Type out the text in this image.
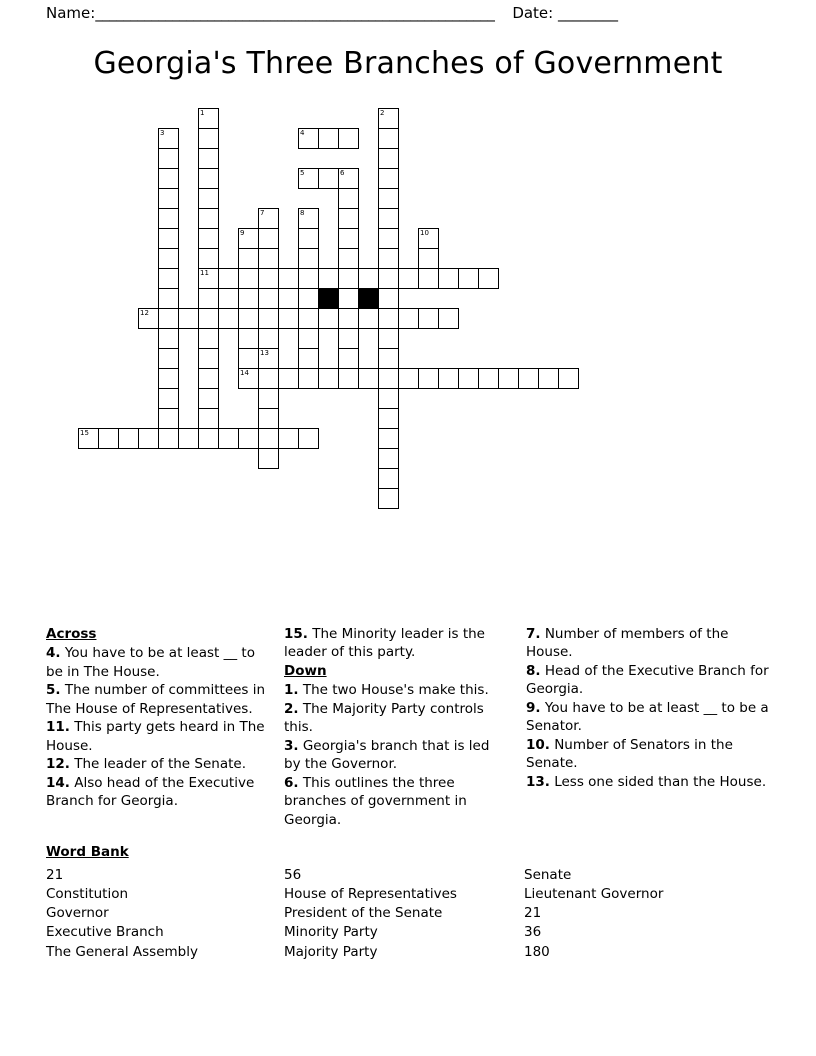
Name: _________________________________________________________ Date: ________
Georgia's Three Branches of Government
1	2
3	4
5	6
7	8
9	10
11
12
13
14
15
Across
4. You have to be at least __ to be in The House.
5. The number of committees in The House of Representatives.
11. This party gets heard in The House.
12. The leader of the Senate.
14. Also head of the Executive Branch for Georgia.
15. The Minority leader is the leader of this party.
Down
1. The two House's make this.
2. The Majority Party controls this.
3. Georgia's branch that is led by the Governor.
6. This outlines the three branches of government in Georgia.
7. Number of members of the House.
8. Head of the Executive Branch for Georgia.
9. You have to be at least __ to be a Senator.
10. Number of Senators in the Senate.
13. Less one sided than the House.
Word Bank
21
Constitution
Governor
Executive Branch
The General Assembly
56
House of Representatives
President of the Senate
Minority Party
Majority Party
Senate
Lieutenant Governor
21
36
180
